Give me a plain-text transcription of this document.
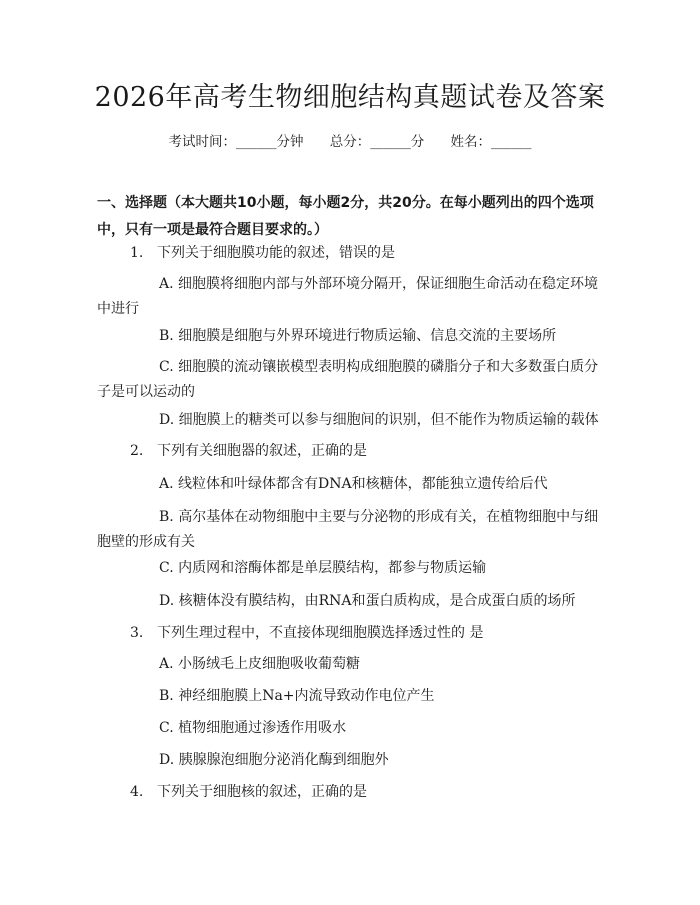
2026年高考生物细胞结构真题试卷及答案
考试时间：______分钟 总分：______分 姓名：______
一、选择题（本大题共10小题，每小题2分，共20分。在每小题列出的四个选项中，只有一项是最符合题目要求的。）
1. 下列关于细胞膜功能的叙述，错误的是
A. 细胞膜将细胞内部与外部环境分隔开，保证细胞生命活动在稳定环境中进行
B. 细胞膜是细胞与外界环境进行物质运输、信息交流的主要场所
C. 细胞膜的流动镶嵌模型表明构成细胞膜的磷脂分子和大多数蛋白质分子是可以运动的
D. 细胞膜上的糖类可以参与细胞间的识别，但不能作为物质运输的载体
2. 下列有关细胞器的叙述，正确的是
A. 线粒体和叶绿体都含有DNA和核糖体，都能独立遗传给后代
B. 高尔基体在动物细胞中主要与分泌物的形成有关，在植物细胞中与细胞壁的形成有关
C. 内质网和溶酶体都是单层膜结构，都参与物质运输
D. 核糖体没有膜结构，由RNA和蛋白质构成，是合成蛋白质的场所
3. 下列生理过程中，不直接体现细胞膜选择透过性的 是
A. 小肠绒毛上皮细胞吸收葡萄糖
B. 神经细胞膜上Na+内流导致动作电位产生
C. 植物细胞通过渗透作用吸水
D. 胰腺腺泡细胞分泌消化酶到细胞外
4. 下列关于细胞核的叙述，正确的是
